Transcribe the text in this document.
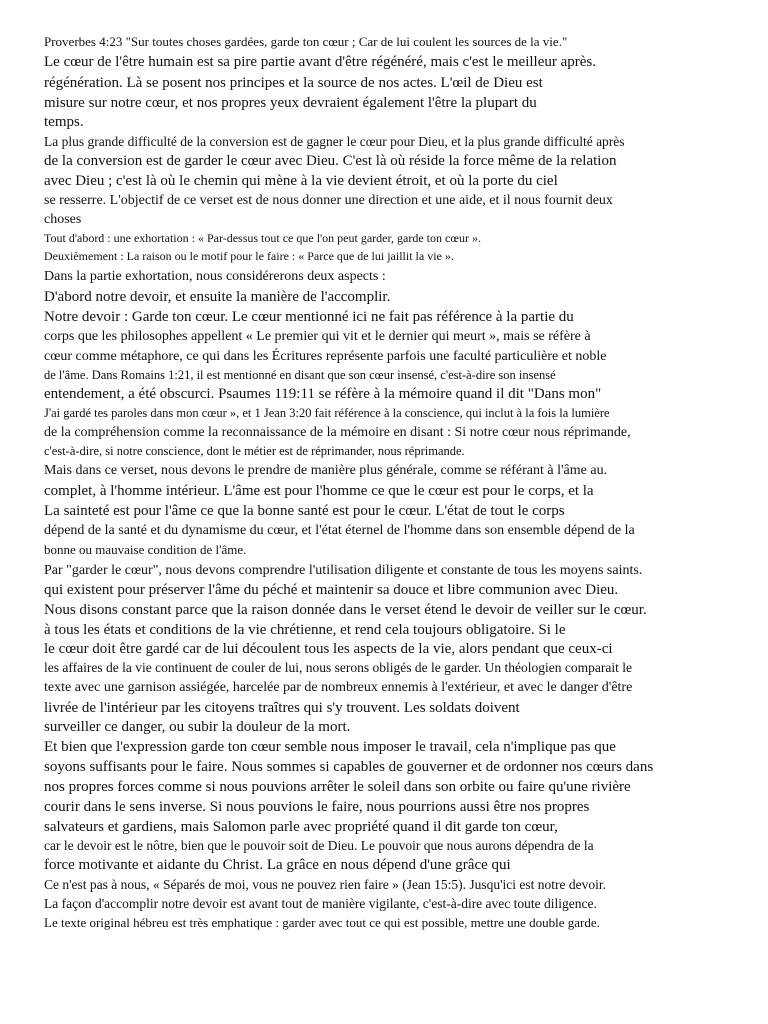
Proverbes 4:23 "Sur toutes choses gardées, garde ton cœur ; Car de lui coulent les sources de la vie."
Le cœur de l'être humain est sa pire partie avant d'être régénéré, mais c'est le meilleur après.
régénération. Là se posent nos principes et la source de nos actes. L'œil de Dieu est
misure sur notre cœur, et nos propres yeux devraient également l'être la plupart du
temps.
La plus grande difficulté de la conversion est de gagner le cœur pour Dieu, et la plus grande difficulté après
de la conversion est de garder le cœur avec Dieu. C'est là où réside la force même de la relation
avec Dieu ; c'est là où le chemin qui mène à la vie devient étroit, et où la porte du ciel
se resserre. L'objectif de ce verset est de nous donner une direction et une aide, et il nous fournit deux
choses
Tout d'abord : une exhortation : « Par-dessus tout ce que l'on peut garder, garde ton cœur ».
Deuxièmement : La raison ou le motif pour le faire : « Parce que de lui jaillit la vie ».
Dans la partie exhortation, nous considérerons deux aspects :
D'abord notre devoir, et ensuite la manière de l'accomplir.
Notre devoir : Garde ton cœur. Le cœur mentionné ici ne fait pas référence à la partie du
corps que les philosophes appellent « Le premier qui vit et le dernier qui meurt », mais se réfère à
cœur comme métaphore, ce qui dans les Écritures représente parfois une faculté particulière et noble
de l'âme. Dans Romains 1:21, il est mentionné en disant que son cœur insensé, c'est-à-dire son insensé
entendement, a été obscurci. Psaumes 119:11 se réfère à la mémoire quand il dit "Dans mon"
J'ai gardé tes paroles dans mon cœur », et 1 Jean 3:20 fait référence à la conscience, qui inclut à la fois la lumière
de la compréhension comme la reconnaissance de la mémoire en disant : Si notre cœur nous réprimande,
c'est-à-dire, si notre conscience, dont le métier est de réprimander, nous réprimande.
Mais dans ce verset, nous devons le prendre de manière plus générale, comme se référant à l'âme au.
complet, à l'homme intérieur. L'âme est pour l'homme ce que le cœur est pour le corps, et la
La sainteté est pour l'âme ce que la bonne santé est pour le cœur. L'état de tout le corps
dépend de la santé et du dynamisme du cœur, et l'état éternel de l'homme dans son ensemble dépend de la
bonne ou mauvaise condition de l'âme.
Par "garder le cœur", nous devons comprendre l'utilisation diligente et constante de tous les moyens saints.
qui existent pour préserver l'âme du péché et maintenir sa douce et libre communion avec Dieu.
Nous disons constant parce que la raison donnée dans le verset étend le devoir de veiller sur le cœur.
à tous les états et conditions de la vie chrétienne, et rend cela toujours obligatoire. Si le
le cœur doit être gardé car de lui découlent tous les aspects de la vie, alors pendant que ceux-ci
les affaires de la vie continuent de couler de lui, nous serons obligés de le garder. Un théologien comparait le
texte avec une garnison assiégée, harcelée par de nombreux ennemis à l'extérieur, et avec le danger d'être
livrée de l'intérieur par les citoyens traîtres qui s'y trouvent. Les soldats doivent
surveiller ce danger, ou subir la douleur de la mort.
Et bien que l'expression garde ton cœur semble nous imposer le travail, cela n'implique pas que
soyons suffisants pour le faire. Nous sommes si capables de gouverner et de ordonner nos cœurs dans
nos propres forces comme si nous pouvions arrêter le soleil dans son orbite ou faire qu'une rivière
courir dans le sens inverse. Si nous pouvions le faire, nous pourrions aussi être nos propres
salvateurs et gardiens, mais Salomon parle avec propriété quand il dit garde ton cœur,
car le devoir est le nôtre, bien que le pouvoir soit de Dieu. Le pouvoir que nous aurons dépendra de la
force motivante et aidante du Christ. La grâce en nous dépend d'une grâce qui
Ce n'est pas à nous, « Séparés de moi, vous ne pouvez rien faire » (Jean 15:5). Jusqu'ici est notre devoir.
La façon d'accomplir notre devoir est avant tout de manière vigilante, c'est-à-dire avec toute diligence.
Le texte original hébreu est très emphatique : garder avec tout ce qui est possible, mettre une double garde.
